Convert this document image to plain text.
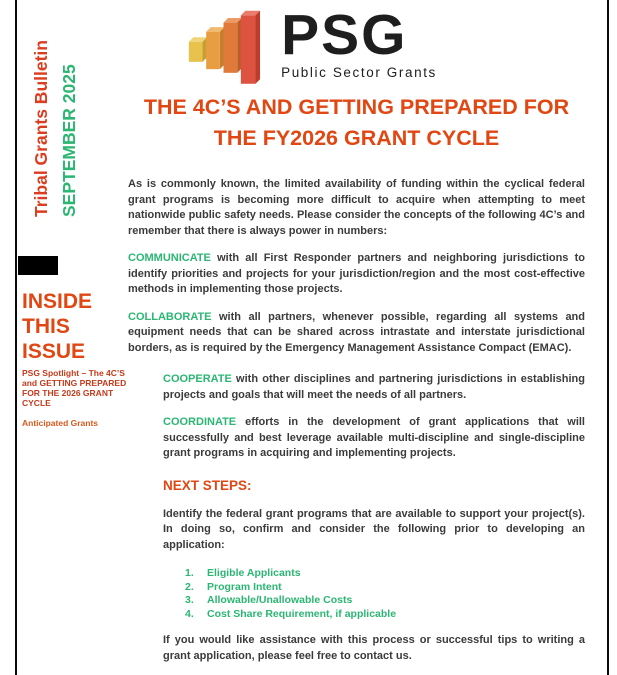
PSG
Public Sector Grants
Tribal Grants Bulletin SEPTEMBER 2025
INSIDE
THIS
ISSUE
PSG Spotlight – The 4C’S and GETTING PREPARED FOR THE 2026 GRANT CYCLE
Anticipated Grants
THE 4C’S AND GETTING PREPARED FOR
THE FY2026 GRANT CYCLE

As is commonly known, the limited availability of funding within the cyclical federal grant programs is becoming more difficult to acquire when attempting to meet nationwide public safety needs. Please consider the concepts of the following 4C’s and remember that there is always power in numbers:

COMMUNICATE with all First Responder partners and neighboring jurisdictions to identify priorities and projects for your jurisdiction/region and the most cost-effective methods in implementing those projects.

COLLABORATE with all partners, whenever possible, regarding all systems and equipment needs that can be shared across intrastate and interstate jurisdictional borders, as is required by the Emergency Management Assistance Compact (EMAC).

COOPERATE with other disciplines and partnering jurisdictions in establishing projects and goals that will meet the needs of all partners.

COORDINATE efforts in the development of grant applications that will successfully and best leverage available multi-discipline and single-discipline grant programs in acquiring and implementing projects.

NEXT STEPS:

Identify the federal grant programs that are available to support your project(s). In doing so, confirm and consider the following prior to developing an application:

1.	Eligible Applicants
2.	Program Intent
3.	Allowable/Unallowable Costs
4.	Cost Share Requirement, if applicable

If you would like assistance with this process or successful tips to writing a grant application, please feel free to contact us.
